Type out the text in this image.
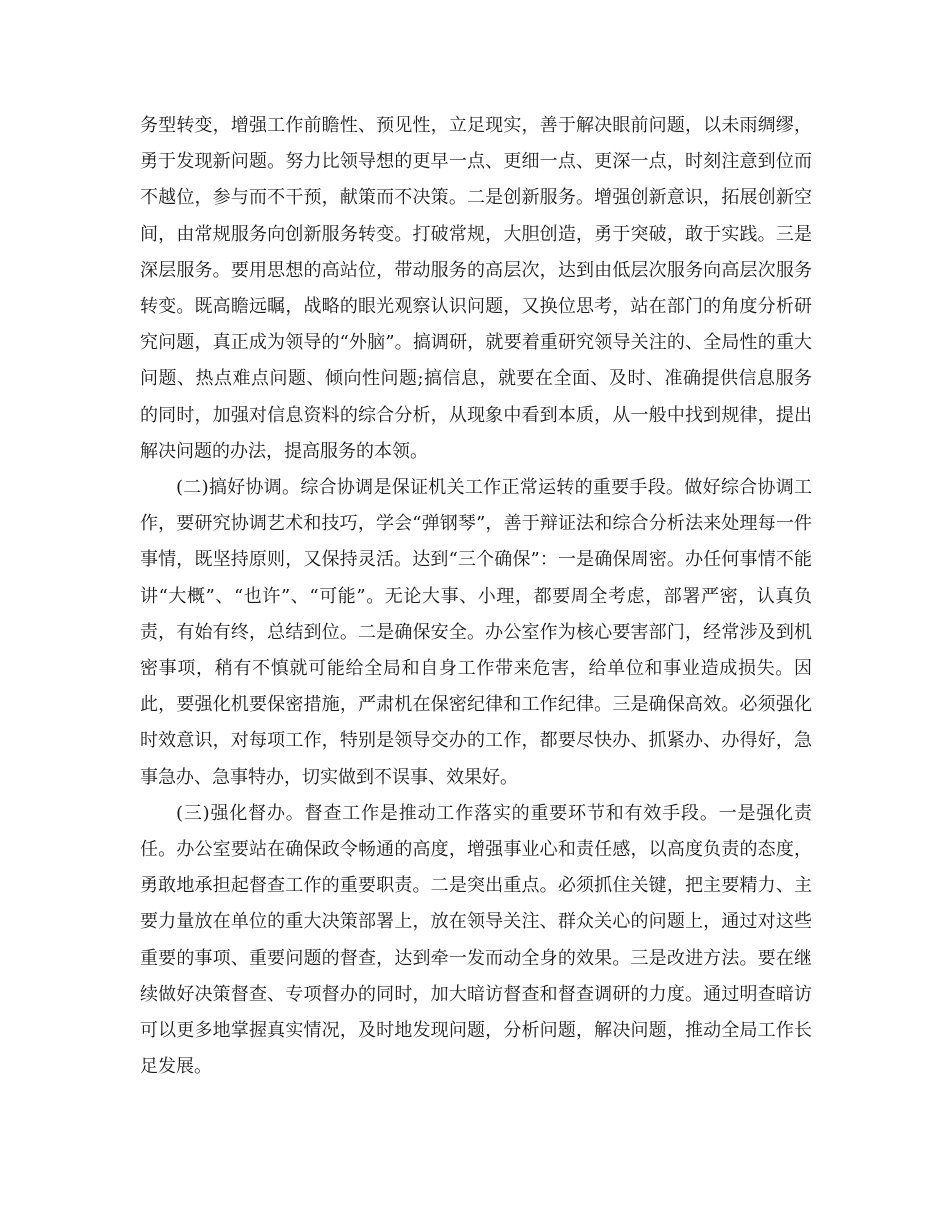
务型转变，增强工作前瞻性、预见性，立足现实，善于解决眼前问题，以未雨绸缪，勇于发现新问题。努力比领导想的更早一点、更细一点、更深一点，时刻注意到位而不越位，参与而不干预，献策而不决策。二是创新服务。增强创新意识，拓展创新空间，由常规服务向创新服务转变。打破常规，大胆创造，勇于突破，敢于实践。三是深层服务。要用思想的高站位，带动服务的高层次，达到由低层次服务向高层次服务转变。既高瞻远瞩，战略的眼光观察认识问题，又换位思考，站在部门的角度分析研究问题，真正成为领导的“外脑”。搞调研，就要着重研究领导关注的、全局性的重大问题、热点难点问题、倾向性问题;搞信息，就要在全面、及时、准确提供信息服务的同时，加强对信息资料的综合分析，从现象中看到本质，从一般中找到规律，提出解决问题的办法，提高服务的本领。

(二)搞好协调。综合协调是保证机关工作正常运转的重要手段。做好综合协调工作，要研究协调艺术和技巧，学会“弹钢琴”，善于辩证法和综合分析法来处理每一件事情，既坚持原则，又保持灵活。达到“三个确保”：一是确保周密。办任何事情不能讲“大概”、“也许”、“可能”。无论大事、小理，都要周全考虑，部署严密，认真负责，有始有终，总结到位。二是确保安全。办公室作为核心要害部门，经常涉及到机密事项，稍有不慎就可能给全局和自身工作带来危害，给单位和事业造成损失。因此，要强化机要保密措施，严肃机在保密纪律和工作纪律。三是确保高效。必须强化时效意识，对每项工作，特别是领导交办的工作，都要尽快办、抓紧办、办得好，急事急办、急事特办，切实做到不误事、效果好。

(三)强化督办。督查工作是推动工作落实的重要环节和有效手段。一是强化责任。办公室要站在确保政令畅通的高度，增强事业心和责任感，以高度负责的态度，勇敢地承担起督查工作的重要职责。二是突出重点。必须抓住关键，把主要精力、主要力量放在单位的重大决策部署上，放在领导关注、群众关心的问题上，通过对这些重要的事项、重要问题的督查，达到牵一发而动全身的效果。三是改进方法。要在继续做好决策督查、专项督办的同时，加大暗访督查和督查调研的力度。通过明查暗访可以更多地掌握真实情况，及时地发现问题，分析问题，解决问题，推动全局工作长足发展。
